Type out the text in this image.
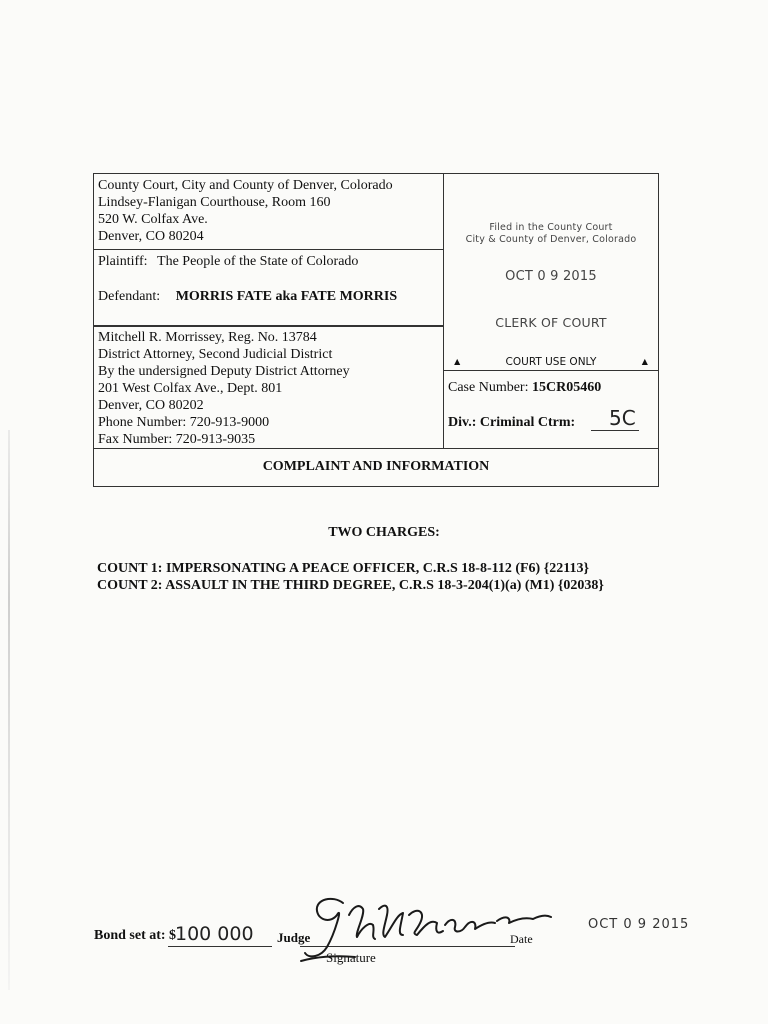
County Court, City and County of Denver, Colorado

Lindsey-Flanigan Courthouse, Room 160

520 W. Colfax Ave.

Denver, CO 80204

Plaintiff: The People of the State of Colorado
Defendant: MORRIS FATE aka FATE MORRIS

Mitchell R. Morrissey, Reg. No. 13784

District Attorney, Second Judicial District

By the undersigned Deputy District Attorney

201 West Colfax Ave., Dept. 801

Denver, CO 80202

Phone Number: 720-913-9000

Fax Number: 720-913-9035

Filed in the County Court
City & County of Denver, Colorado
OCT 0 9 2015
CLERK OF COURT
▲	COURT USE ONLY	▲
Case Number: 15CR05460
Div.: Criminal Ctrm: 5C
COMPLAINT AND INFORMATION
TWO CHARGES:

COUNT 1: IMPERSONATING A PEACE OFFICER, C.R.S 18-8-112 (F6) {22113}

COUNT 2: ASSAULT IN THE THIRD DEGREE, C.R.S 18-3-204(1)(a) (M1) {02038}

Bond set at: $
100 000 Judge	Date
Signature
OCT 0 9 2015
